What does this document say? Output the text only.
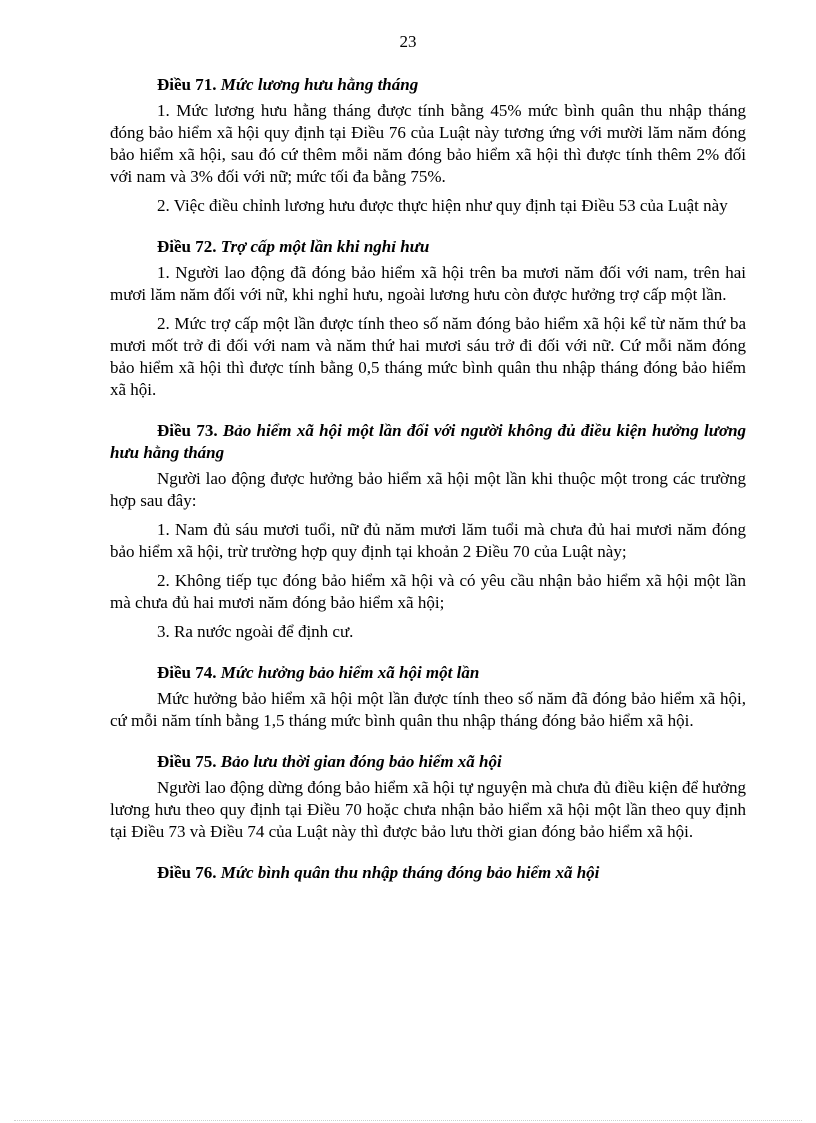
23

Điều 71. Mức lương hưu hằng tháng

1. Mức lương hưu hằng tháng được tính bằng 45% mức bình quân thu nhập tháng đóng bảo hiểm xã hội quy định tại Điều 76 của Luật này tương ứng với mười lăm năm đóng bảo hiểm xã hội, sau đó cứ thêm mỗi năm đóng bảo hiểm xã hội thì được tính thêm 2% đối với nam và 3% đối với nữ; mức tối đa bằng 75%.

2. Việc điều chỉnh lương hưu được thực hiện như quy định tại Điều 53 của Luật này

Điều 72. Trợ cấp một lần khi nghỉ hưu

1. Người lao động đã đóng bảo hiểm xã hội trên ba mươi năm đối với nam, trên hai mươi lăm năm đối với nữ, khi nghỉ hưu, ngoài lương hưu còn được hưởng trợ cấp một lần.

2. Mức trợ cấp một lần được tính theo số năm đóng bảo hiểm xã hội kể từ năm thứ ba mươi mốt trở đi đối với nam và năm thứ hai mươi sáu trở đi đối với nữ. Cứ mỗi năm đóng bảo hiểm xã hội thì được tính bằng 0,5 tháng mức bình quân thu nhập tháng đóng bảo hiểm xã hội.

Điều 73. Bảo hiểm xã hội một lần đối với người không đủ điều kiện hưởng lương hưu hằng tháng

Người lao động được hưởng bảo hiểm xã hội một lần khi thuộc một trong các trường hợp sau đây:

1. Nam đủ sáu mươi tuổi, nữ đủ năm mươi lăm tuổi mà chưa đủ hai mươi năm đóng bảo hiểm xã hội, trừ trường hợp quy định tại khoản 2 Điều 70 của Luật này;

2. Không tiếp tục đóng bảo hiểm xã hội và có yêu cầu nhận bảo hiểm xã hội một lần mà chưa đủ hai mươi năm đóng bảo hiểm xã hội;

3. Ra nước ngoài để định cư.

Điều 74. Mức hưởng bảo hiểm xã hội một lần

Mức hưởng bảo hiểm xã hội một lần được tính theo số năm đã đóng bảo hiểm xã hội, cứ mỗi năm tính bằng 1,5 tháng mức bình quân thu nhập tháng đóng bảo hiểm xã hội.

Điều 75. Bảo lưu thời gian đóng bảo hiểm xã hội

Người lao động dừng đóng bảo hiểm xã hội tự nguyện mà chưa đủ điều kiện để hưởng lương hưu theo quy định tại Điều 70 hoặc chưa nhận bảo hiểm xã hội một lần theo quy định tại Điều 73 và Điều 74 của Luật này thì được bảo lưu thời gian đóng bảo hiểm xã hội.

Điều 76. Mức bình quân thu nhập tháng đóng bảo hiểm xã hội
